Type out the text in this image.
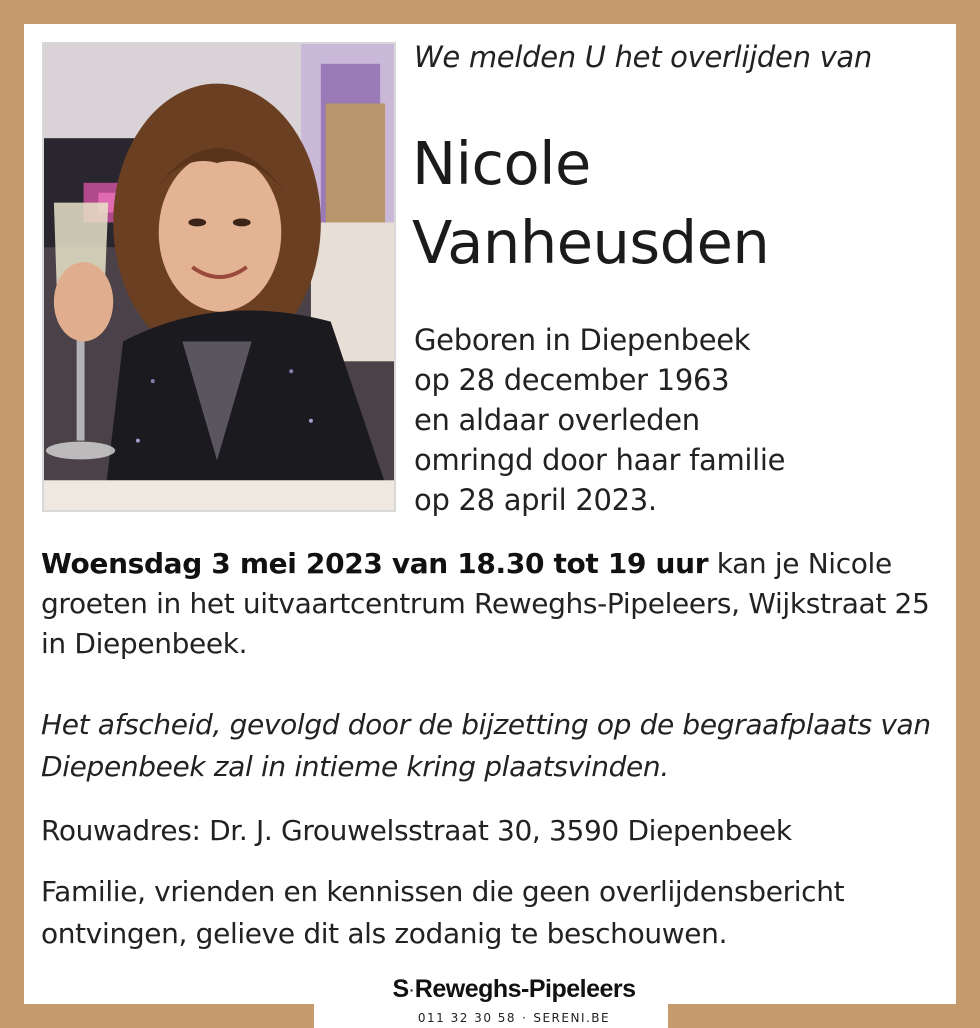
We melden U het overlijden van
Nicole
Vanheusden
Geboren in Diepenbeek
op 28 december 1963
en aldaar overleden
omringd door haar familie
op 28 april 2023.

Woensdag 3 mei 2023 van 18.30 tot 19 uur kan je Nicole groeten in het uitvaartcentrum Reweghs-Pipeleers, Wijkstraat 25 in Diepenbeek.

Het afscheid, gevolgd door de bijzetting op de begraafplaats van Diepenbeek zal in intieme kring plaatsvinden.

Rouwadres: Dr. J. Grouwelsstraat 30, 3590 Diepenbeek

Familie, vrienden en kennissen die geen overlijdensbericht ontvingen, gelieve dit als zodanig te beschouwen.

S·Reweghs-Pipeleers
011 32 30 58 · SERENI.BE
